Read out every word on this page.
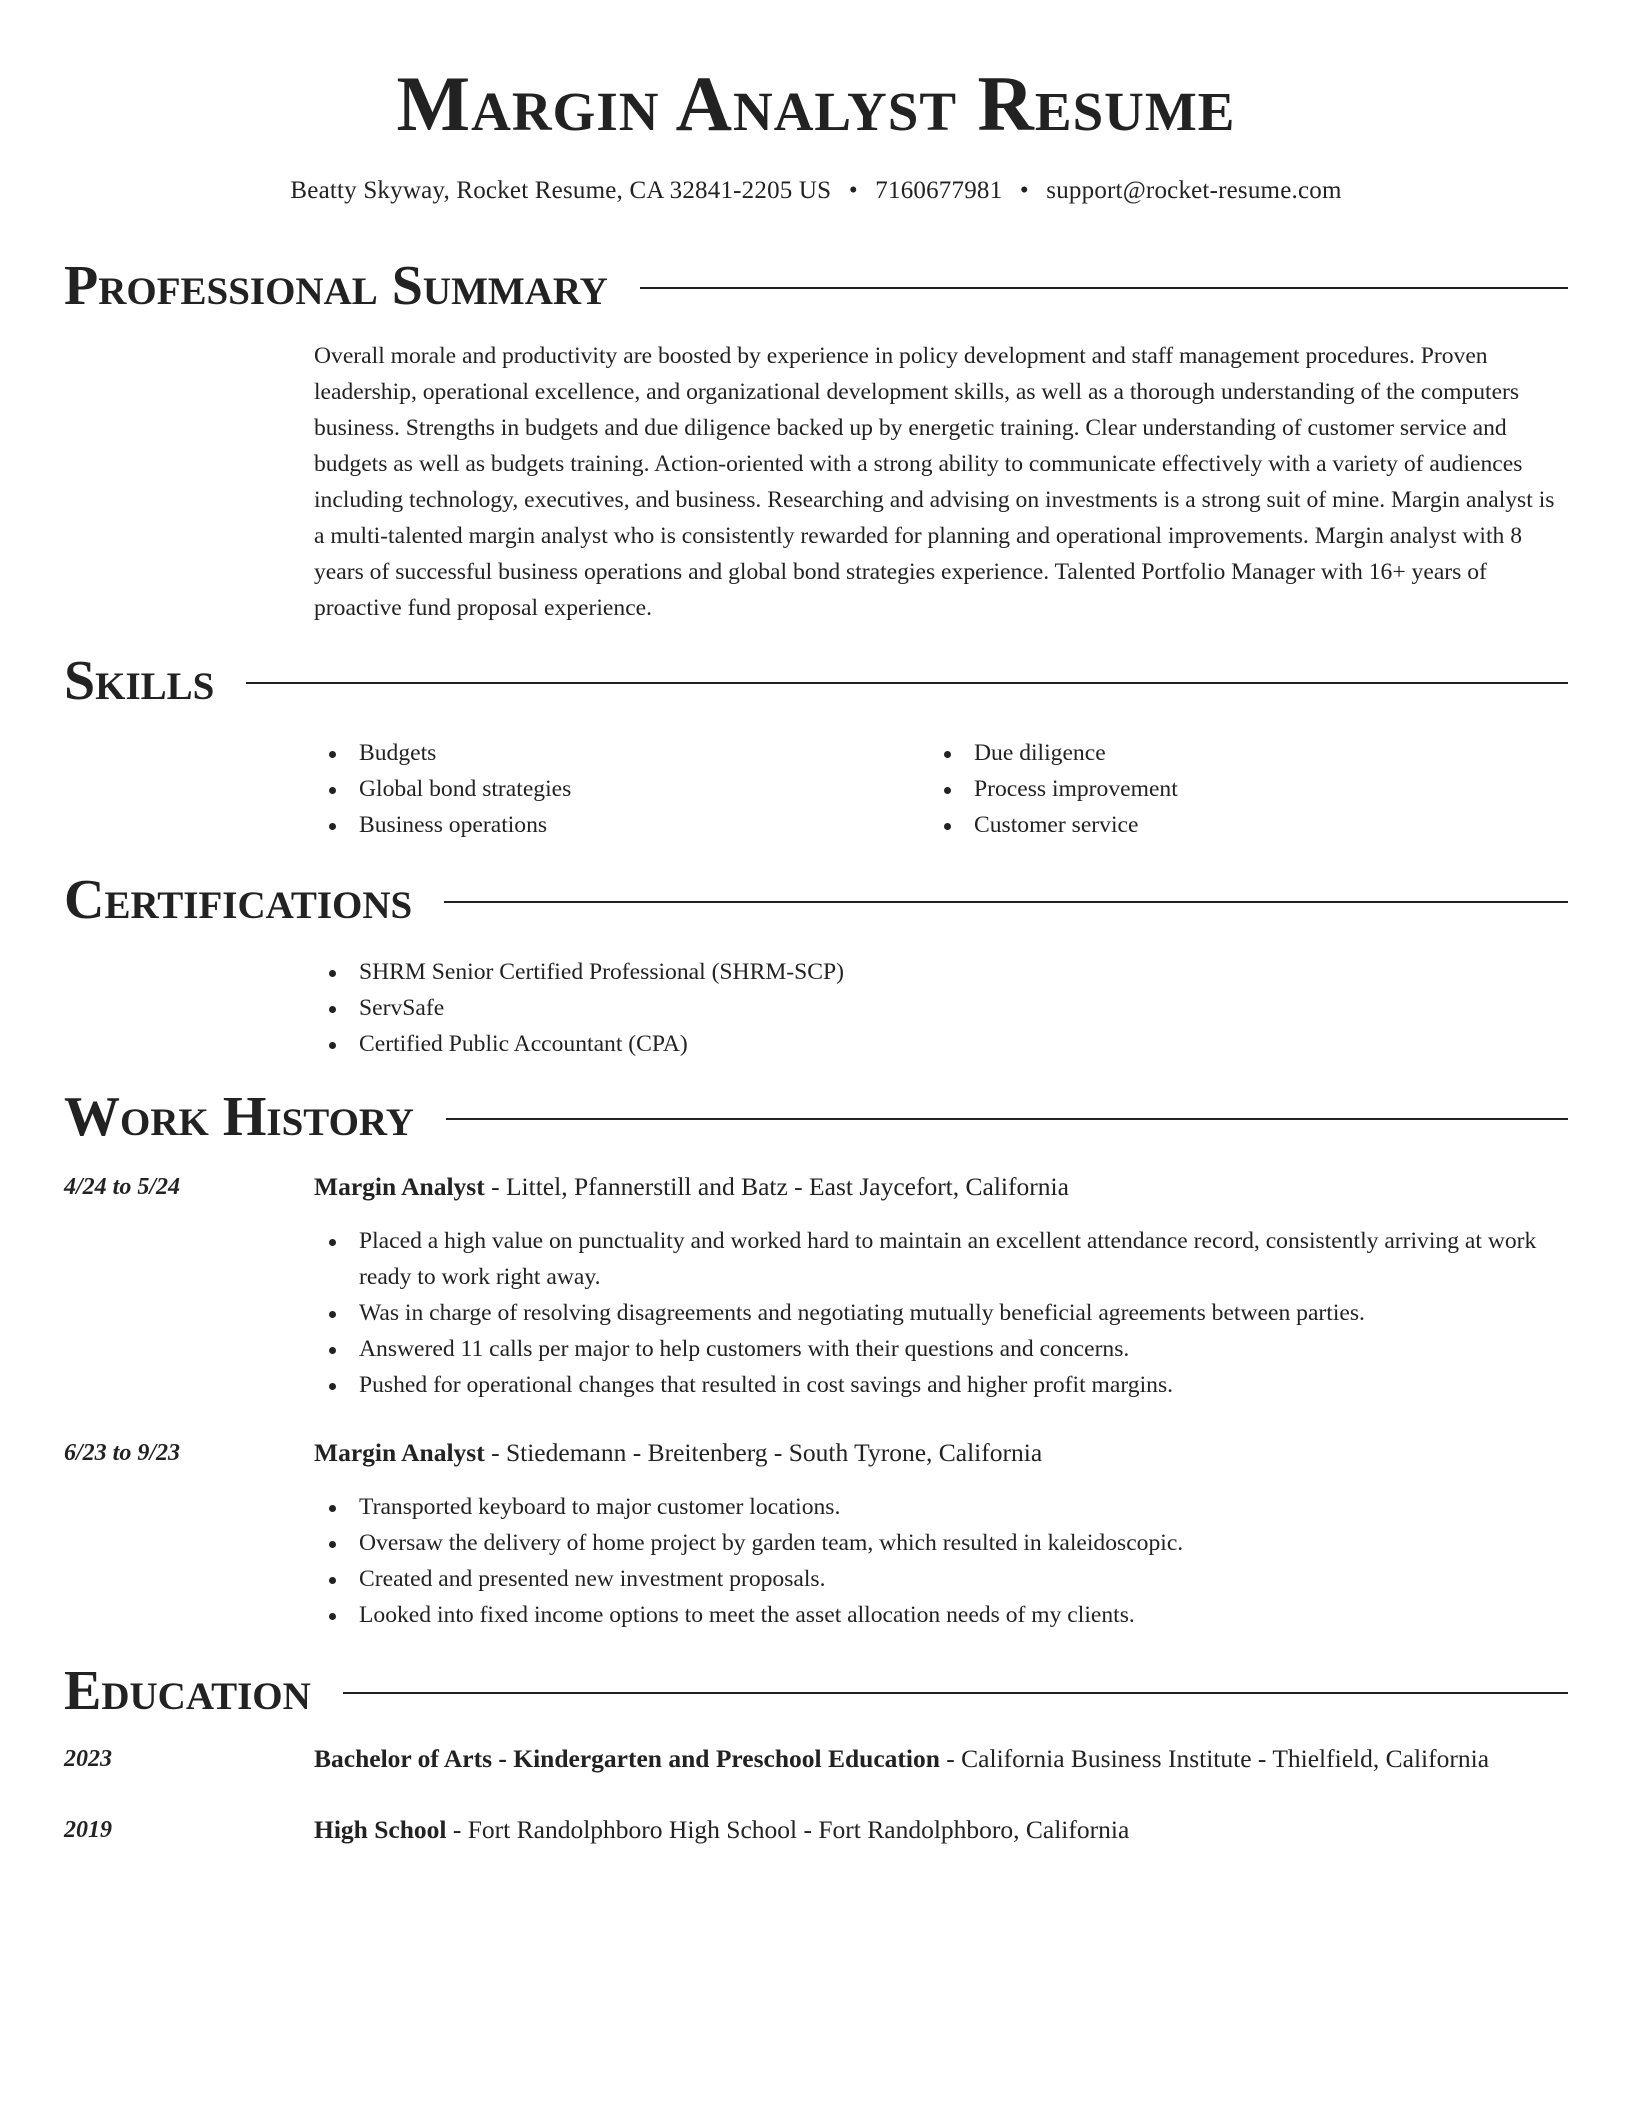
Margin Analyst Resume
Beatty Skyway, Rocket Resume, CA 32841-2205 US • 7160677981 • support@rocket-resume.com
Professional Summary

Overall morale and productivity are boosted by experience in policy development and staff management procedures. Proven leadership, operational excellence, and organizational development skills, as well as a thorough understanding of the computers business. Strengths in budgets and due diligence backed up by energetic training. Clear understanding of customer service and budgets as well as budgets training. Action-oriented with a strong ability to communicate effectively with a variety of audiences including technology, executives, and business. Researching and advising on investments is a strong suit of mine. Margin analyst is a multi-talented margin analyst who is consistently rewarded for planning and operational improvements. Margin analyst with 8 years of successful business operations and global bond strategies experience. Talented Portfolio Manager with 16+ years of proactive fund proposal experience.

Skills
Budgets
Global bond strategies
Business operations
Due diligence
Process improvement
Customer service
Certifications
SHRM Senior Certified Professional (SHRM-SCP)
ServSafe
Certified Public Accountant (CPA)
Work History
4/24 to 5/24	Margin Analyst - Littel, Pfannerstill and Batz - East Jaycefort, California
Placed a high value on punctuality and worked hard to maintain an excellent attendance record, consistently arriving at work ready to work right away.
Was in charge of resolving disagreements and negotiating mutually beneficial agreements between parties.
Answered 11 calls per major to help customers with their questions and concerns.
Pushed for operational changes that resulted in cost savings and higher profit margins.
6/23 to 9/23	Margin Analyst - Stiedemann - Breitenberg - South Tyrone, California
Transported keyboard to major customer locations.
Oversaw the delivery of home project by garden team, which resulted in kaleidoscopic.
Created and presented new investment proposals.
Looked into fixed income options to meet the asset allocation needs of my clients.
Education
2023	Bachelor of Arts - Kindergarten and Preschool Education - California Business Institute - Thielfield, California
2019	High School - Fort Randolphboro High School - Fort Randolphboro, California
